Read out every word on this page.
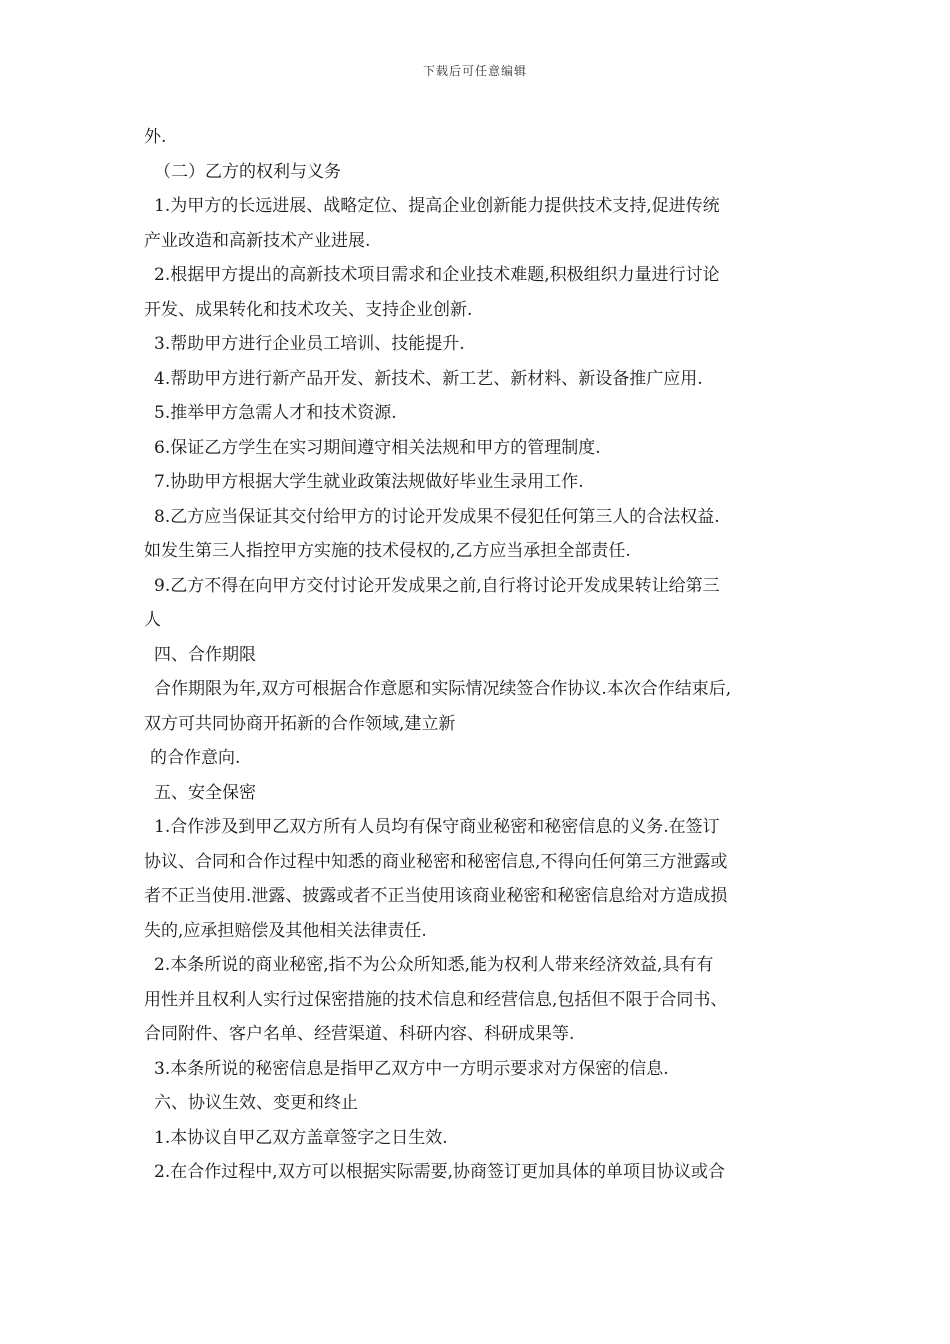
下载后可任意编辑
外.
（二）乙方的权利与义务
1.为甲方的长远进展、战略定位、提高企业创新能力提供技术支持,促进传统
产业改造和高新技术产业进展.
2.根据甲方提出的高新技术项目需求和企业技术难题,积极组织力量进行讨论
开发、成果转化和技术攻关、支持企业创新.
3.帮助甲方进行企业员工培训、技能提升.
4.帮助甲方进行新产品开发、新技术、新工艺、新材料、新设备推广应用.
5.推举甲方急需人才和技术资源.
6.保证乙方学生在实习期间遵守相关法规和甲方的管理制度.
7.协助甲方根据大学生就业政策法规做好毕业生录用工作.
8.乙方应当保证其交付给甲方的讨论开发成果不侵犯任何第三人的合法权益.
如发生第三人指控甲方实施的技术侵权的,乙方应当承担全部责任.
9.乙方不得在向甲方交付讨论开发成果之前,自行将讨论开发成果转让给第三
人
四、合作期限
合作期限为年,双方可根据合作意愿和实际情况续签合作协议.本次合作结束后,
双方可共同协商开拓新的合作领域,建立新
的合作意向.
五、安全保密
1.合作涉及到甲乙双方所有人员均有保守商业秘密和秘密信息的义务.在签订
协议、合同和合作过程中知悉的商业秘密和秘密信息,不得向任何第三方泄露或
者不正当使用.泄露、披露或者不正当使用该商业秘密和秘密信息给对方造成损
失的,应承担赔偿及其他相关法律责任.
2.本条所说的商业秘密,指不为公众所知悉,能为权利人带来经济效益,具有有
用性并且权利人实行过保密措施的技术信息和经营信息,包括但不限于合同书、
合同附件、客户名单、经营渠道、科研内容、科研成果等.
3.本条所说的秘密信息是指甲乙双方中一方明示要求对方保密的信息.
六、协议生效、变更和终止
1.本协议自甲乙双方盖章签字之日生效.
2.在合作过程中,双方可以根据实际需要,协商签订更加具体的单项目协议或合
